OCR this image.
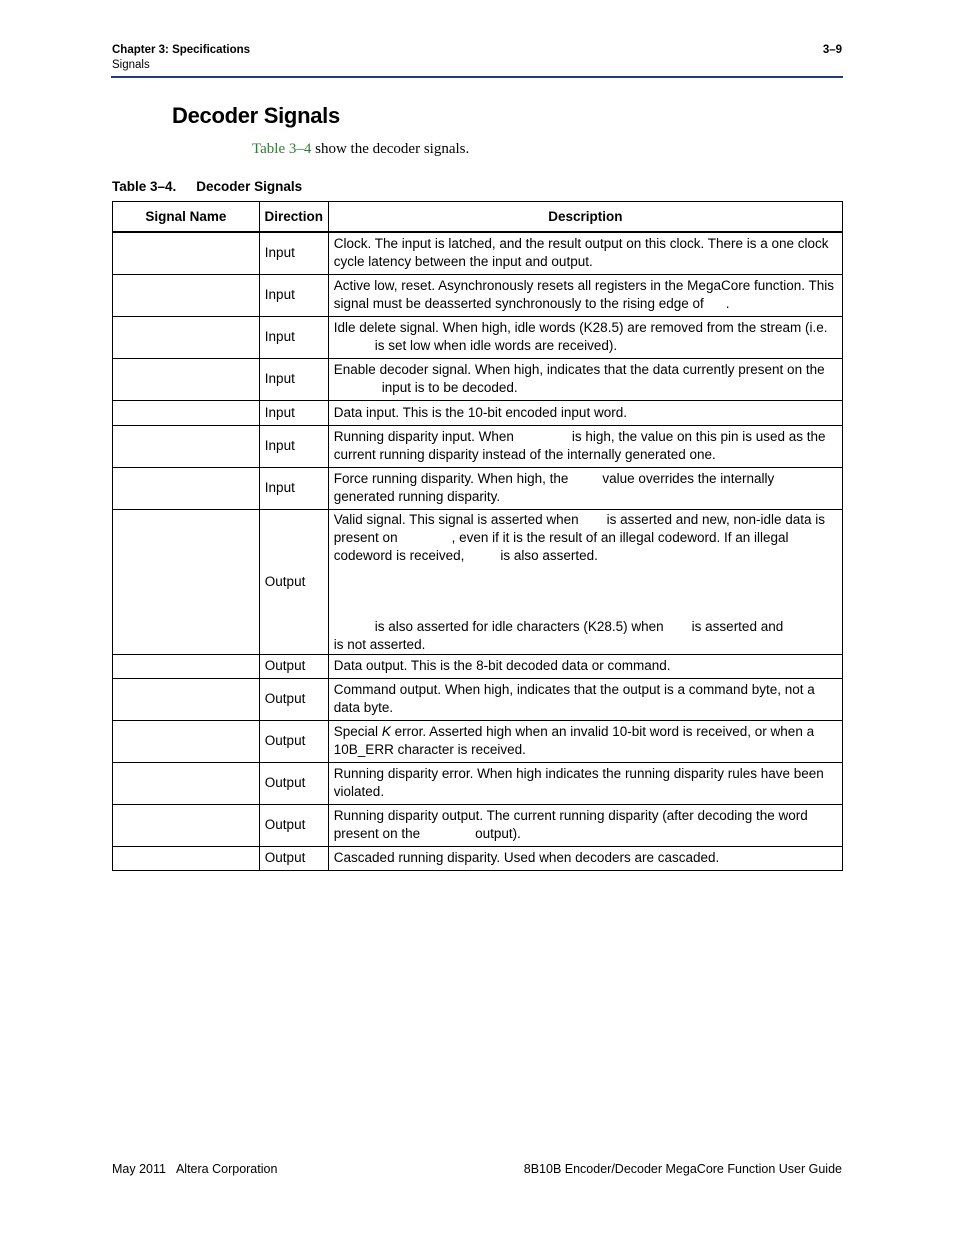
Chapter 3: Specifications
Signals
3–9
Decoder Signals
Table 3–4 show the decoder signals.
Table 3–4. Decoder Signals
Signal Name	Direction	Description
	Input	Clock. The input is latched, and the result output on this clock. There is a one clock cycle latency between the input and output.
	Input	Active low, reset. Asynchronously resets all registers in the MegaCore function. This signal must be deasserted synchronously to the rising edge of .
	Input	Idle delete signal. When high, idle words (K28.5) are removed from the stream (i.e.
is set low when idle words are received).
	Input	Enable decoder signal. When high, indicates that the data currently present on the
input is to be decoded.
	Input	Data input. This is the 10-bit encoded input word.
	Input	Running disparity input. When is high, the value on this pin is used as the current running disparity instead of the internally generated one.
	Input	Force running disparity. When high, the value overrides the internally generated running disparity.
	Output	Valid signal. This signal is asserted when is asserted and new, non-idle data is
present on , even if it is the result of an illegal codeword. If an illegal
codeword is received, is also asserted.

is also asserted for idle characters (K28.5) when is asserted and
is not asserted.
	Output	Data output. This is the 8-bit decoded data or command.
	Output	Command output. When high, indicates that the output is a command byte, not a data byte.
	Output	Special K error. Asserted high when an invalid 10-bit word is received, or when a 10B_ERR character is received.
	Output	Running disparity error. When high indicates the running disparity rules have been violated.
	Output	Running disparity output. The current running disparity (after decoding the word present on the output).
	Output	Cascaded running disparity. Used when decoders are cascaded.
May 2011 Altera Corporation	8B10B Encoder/Decoder MegaCore Function User Guide
